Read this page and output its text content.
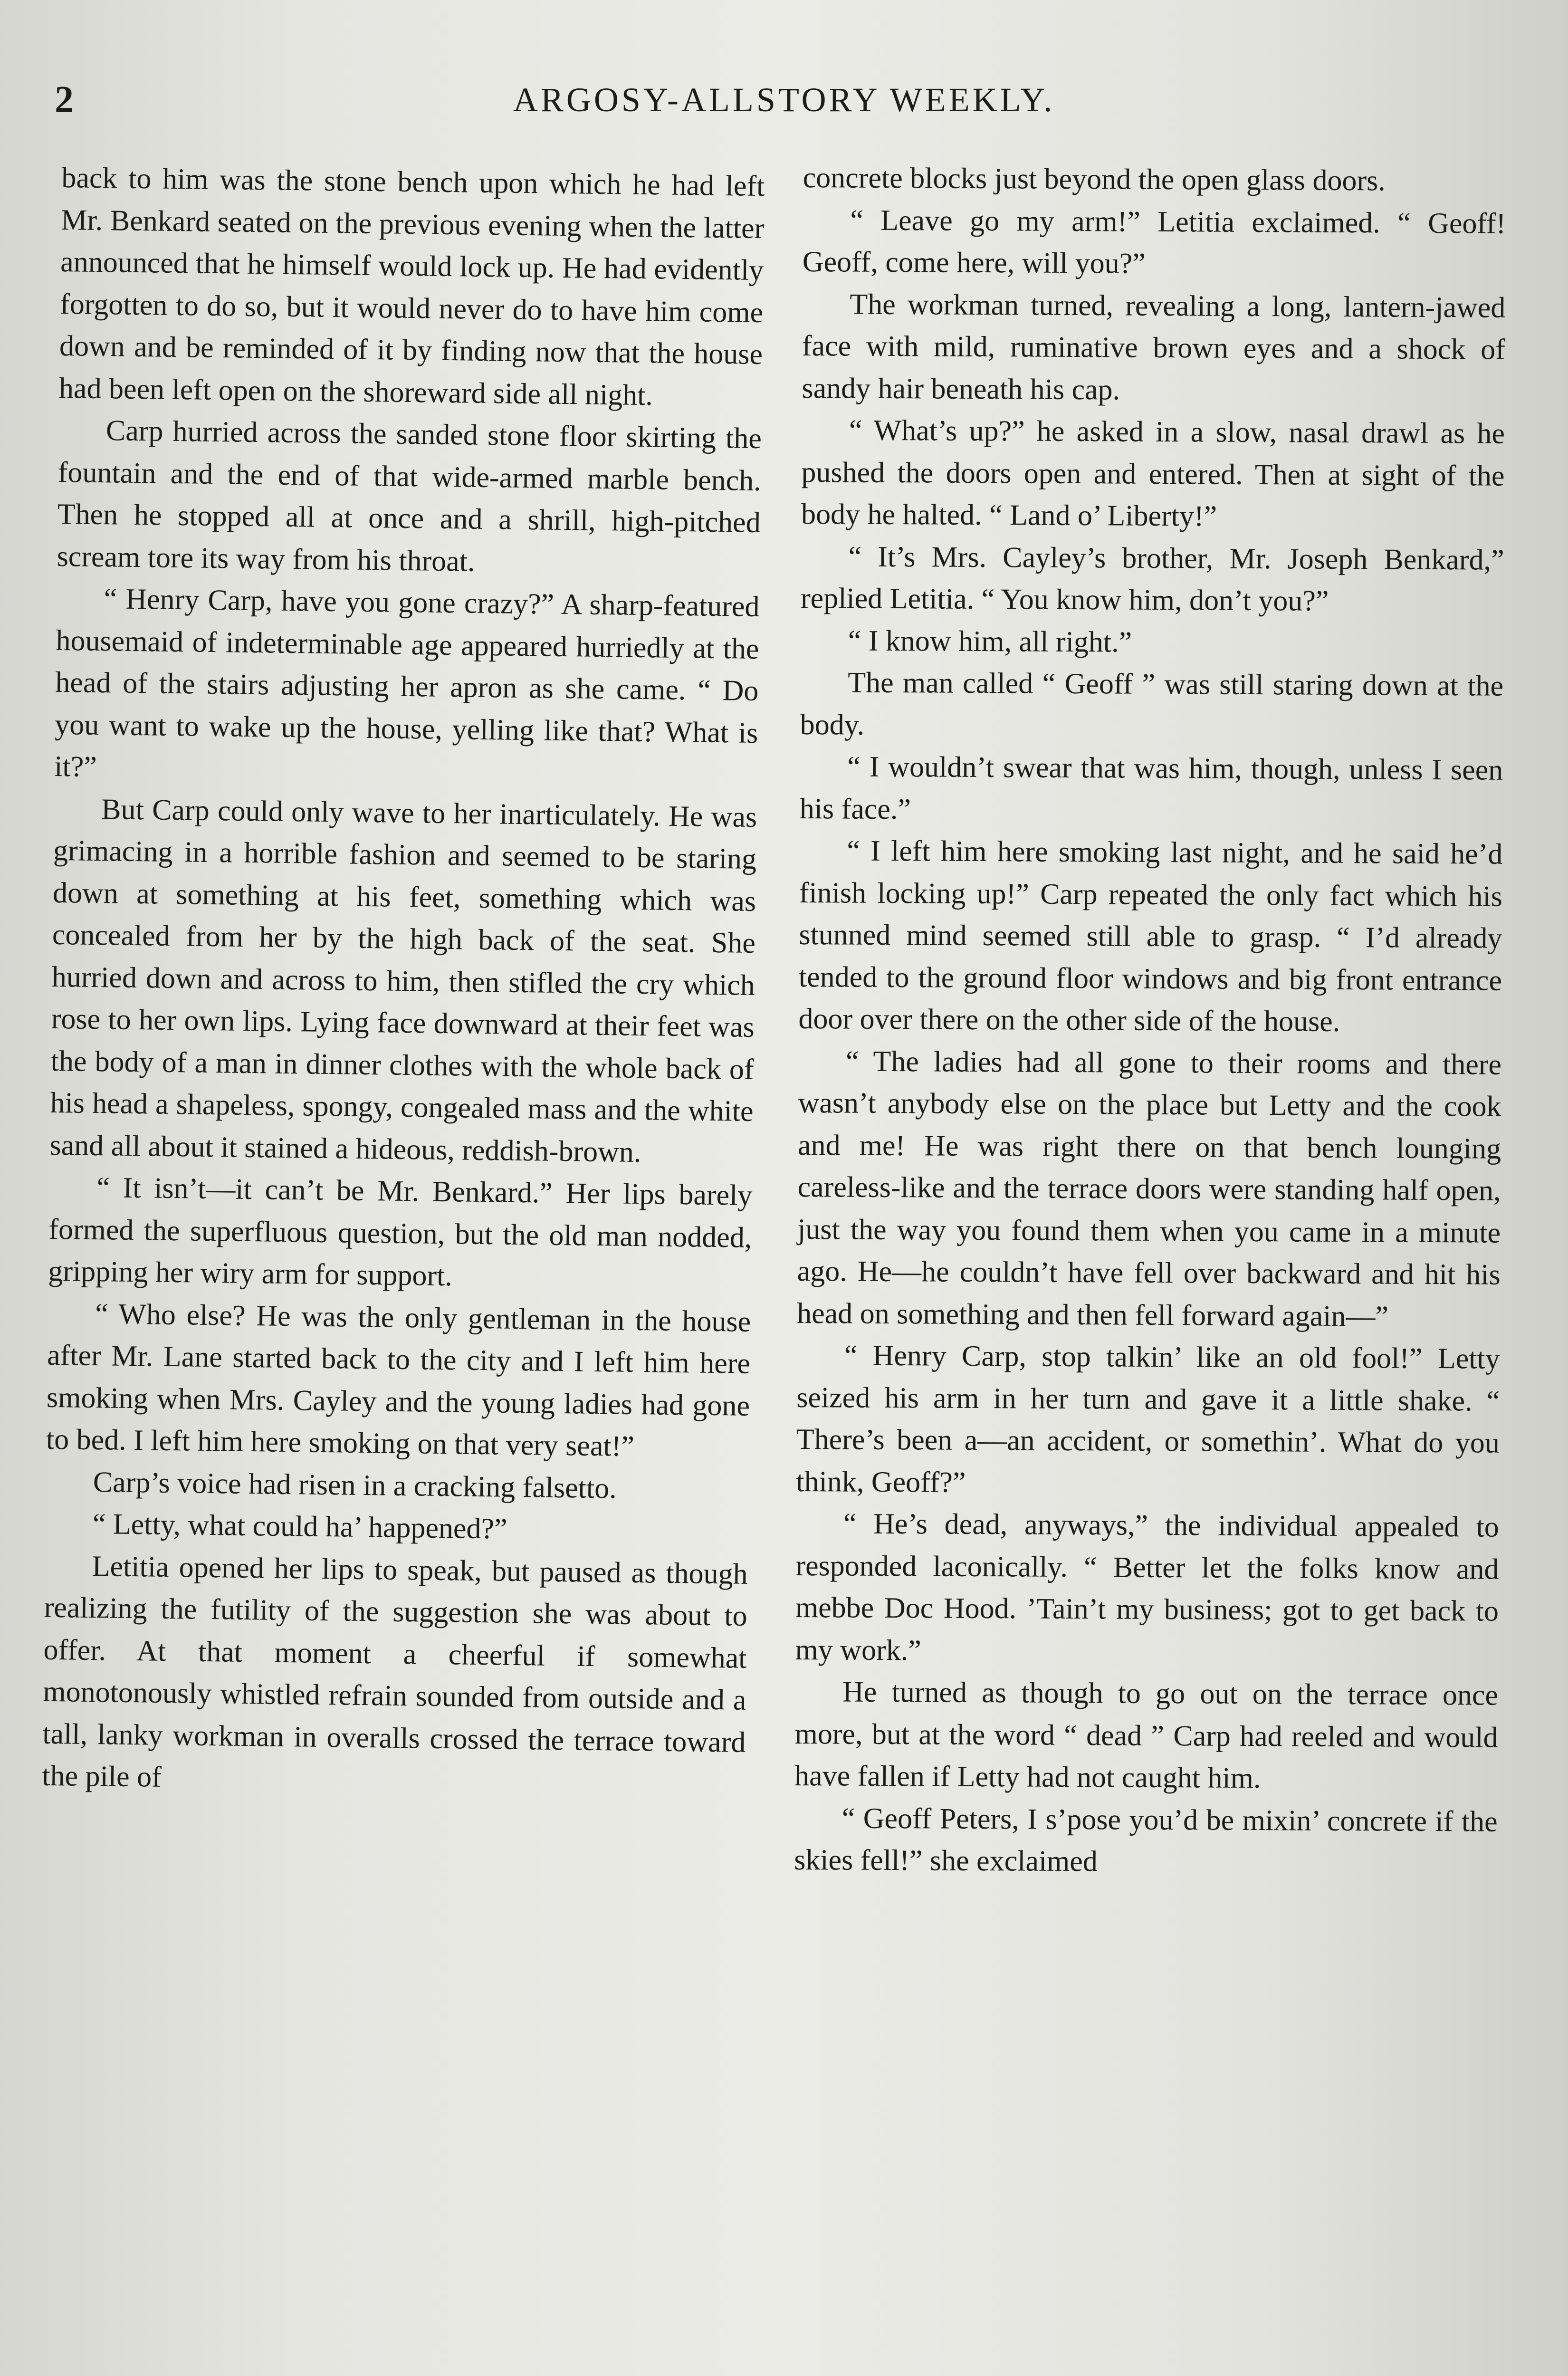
2	ARGOSY-ALLSTORY WEEKLY.

back to him was the stone bench upon which he had left Mr. Benkard seated on the previous evening when the latter announced that he himself would lock up. He had evidently forgotten to do so, but it would never do to have him come down and be reminded of it by finding now that the house had been left open on the shoreward side all night.

Carp hurried across the sanded stone floor skirting the fountain and the end of that wide-armed marble bench. Then he stopped all at once and a shrill, high-pitched scream tore its way from his throat.

“ Henry Carp, have you gone crazy?” A sharp-featured housemaid of indeterminable age appeared hurriedly at the head of the stairs adjusting her apron as she came. “ Do you want to wake up the house, yelling like that? What is it?”

But Carp could only wave to her inarticulately. He was grimacing in a horrible fashion and seemed to be staring down at something at his feet, something which was concealed from her by the high back of the seat. She hurried down and across to him, then stifled the cry which rose to her own lips. Lying face downward at their feet was the body of a man in dinner clothes with the whole back of his head a shapeless, spongy, congealed mass and the white sand all about it stained a hideous, reddish-brown.

“ It isn’t—it can’t be Mr. Benkard.” Her lips barely formed the superfluous question, but the old man nodded, gripping her wiry arm for support.

“ Who else? He was the only gentleman in the house after Mr. Lane started back to the city and I left him here smoking when Mrs. Cayley and the young ladies had gone to bed. I left him here smoking on that very seat!”

Carp’s voice had risen in a cracking falsetto.

“ Letty, what could ha’ happened?”

Letitia opened her lips to speak, but paused as though realizing the futility of the suggestion she was about to offer. At that moment a cheerful if somewhat monotonously whistled refrain sounded from outside and a tall, lanky workman in overalls crossed the terrace toward the pile of

concrete blocks just beyond the open glass doors.

“ Leave go my arm!” Letitia exclaimed. “ Geoff! Geoff, come here, will you?”

The workman turned, revealing a long, lantern-jawed face with mild, ruminative brown eyes and a shock of sandy hair beneath his cap.

“ What’s up?” he asked in a slow, nasal drawl as he pushed the doors open and entered. Then at sight of the body he halted. “ Land o’ Liberty!”

“ It’s Mrs. Cayley’s brother, Mr. Joseph Benkard,” replied Letitia. “ You know him, don’t you?”

“ I know him, all right.”

The man called “ Geoff ” was still staring down at the body.

“ I wouldn’t swear that was him, though, unless I seen his face.”

“ I left him here smoking last night, and he said he’d finish locking up!” Carp repeated the only fact which his stunned mind seemed still able to grasp. “ I’d already tended to the ground floor windows and big front entrance door over there on the other side of the house.

“ The ladies had all gone to their rooms and there wasn’t anybody else on the place but Letty and the cook and me! He was right there on that bench lounging careless-like and the terrace doors were standing half open, just the way you found them when you came in a minute ago. He—he couldn’t have fell over backward and hit his head on something and then fell forward again—”

“ Henry Carp, stop talkin’ like an old fool!” Letty seized his arm in her turn and gave it a little shake. “ There’s been a—an accident, or somethin’. What do you think, Geoff?”

“ He’s dead, anyways,” the individual appealed to responded laconically. “ Better let the folks know and mebbe Doc Hood. ’Tain’t my business; got to get back to my work.”

He turned as though to go out on the terrace once more, but at the word “ dead ” Carp had reeled and would have fallen if Letty had not caught him.

“ Geoff Peters, I s’pose you’d be mixin’ concrete if the skies fell!” she exclaimed
